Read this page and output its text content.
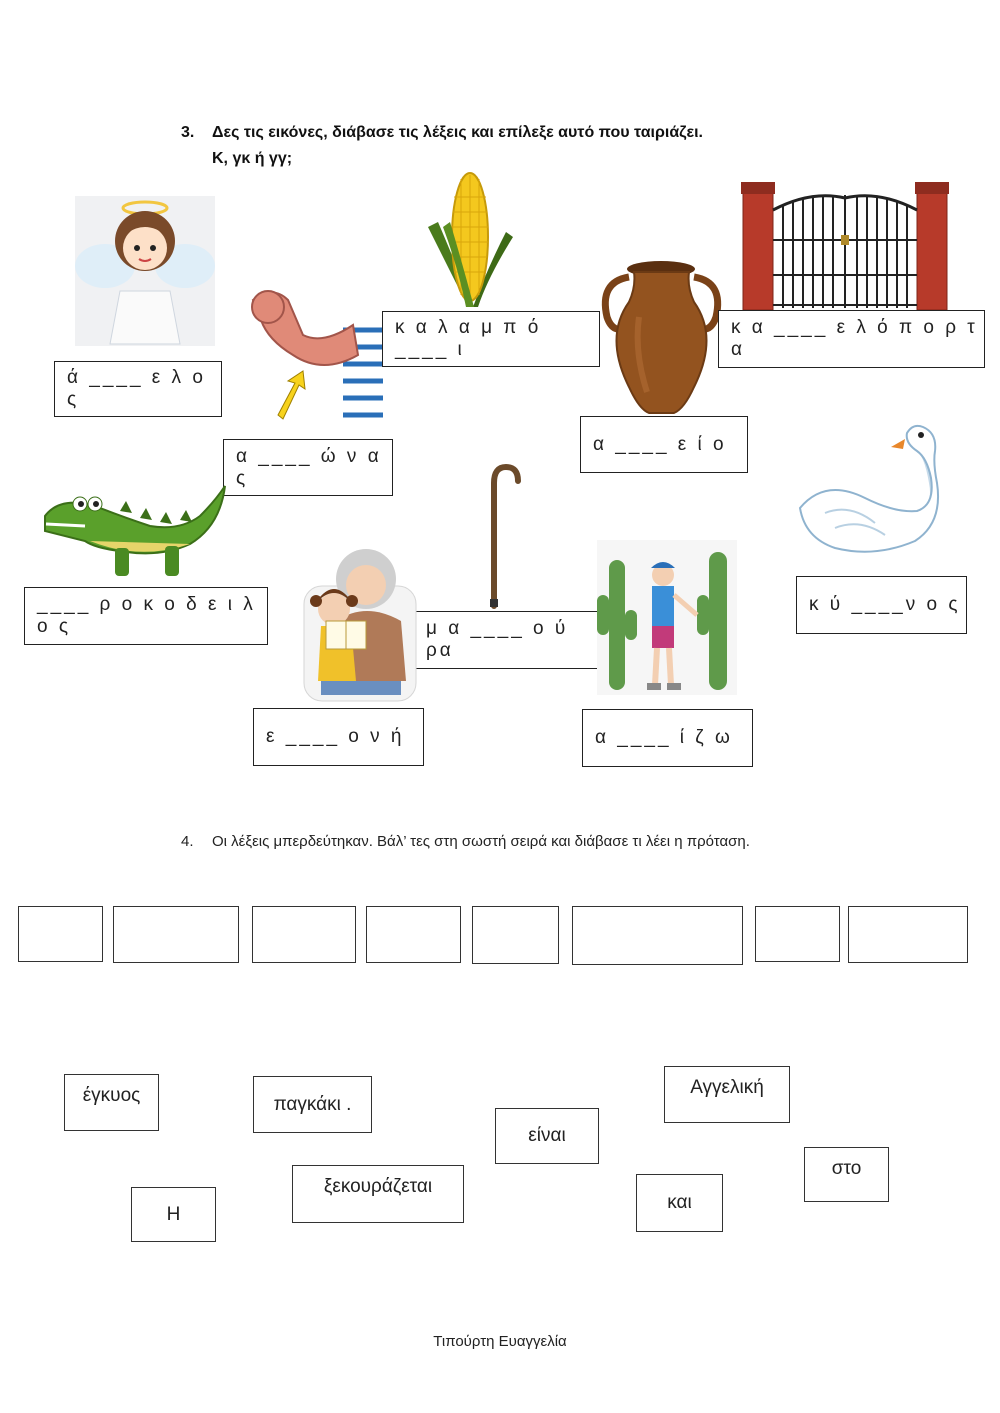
3. Δες τις εικόνες, διάβασε τις λέξεις και επίλεξε αυτό που ταιριάζει.
Κ, γκ ή γγ;
ά ____ ε λ ο ς
α ____ ώ ν α ς
κ α λ α μ π ό ____ ι
α ____ ε ί ο
κ α ____ ε λ ό π ο ρ τ α
____ ρ ο κ ο δ ε ι λ ο ς	μ α ____ ο ύ ρα
ε ____ ο ν ή	α ____ ί ζ ω
κ ύ ____ν ο ς
4. Οι λέξεις μπερδεύτηκαν. Βάλ’ τες στη σωστή σειρά και διάβασε τι λέει η πρόταση.
έγκυος	παγκάκι .
είναι
Αγγελική
Η
ξεκουράζεται
και
στο
Τιπούρτη Ευαγγελία
